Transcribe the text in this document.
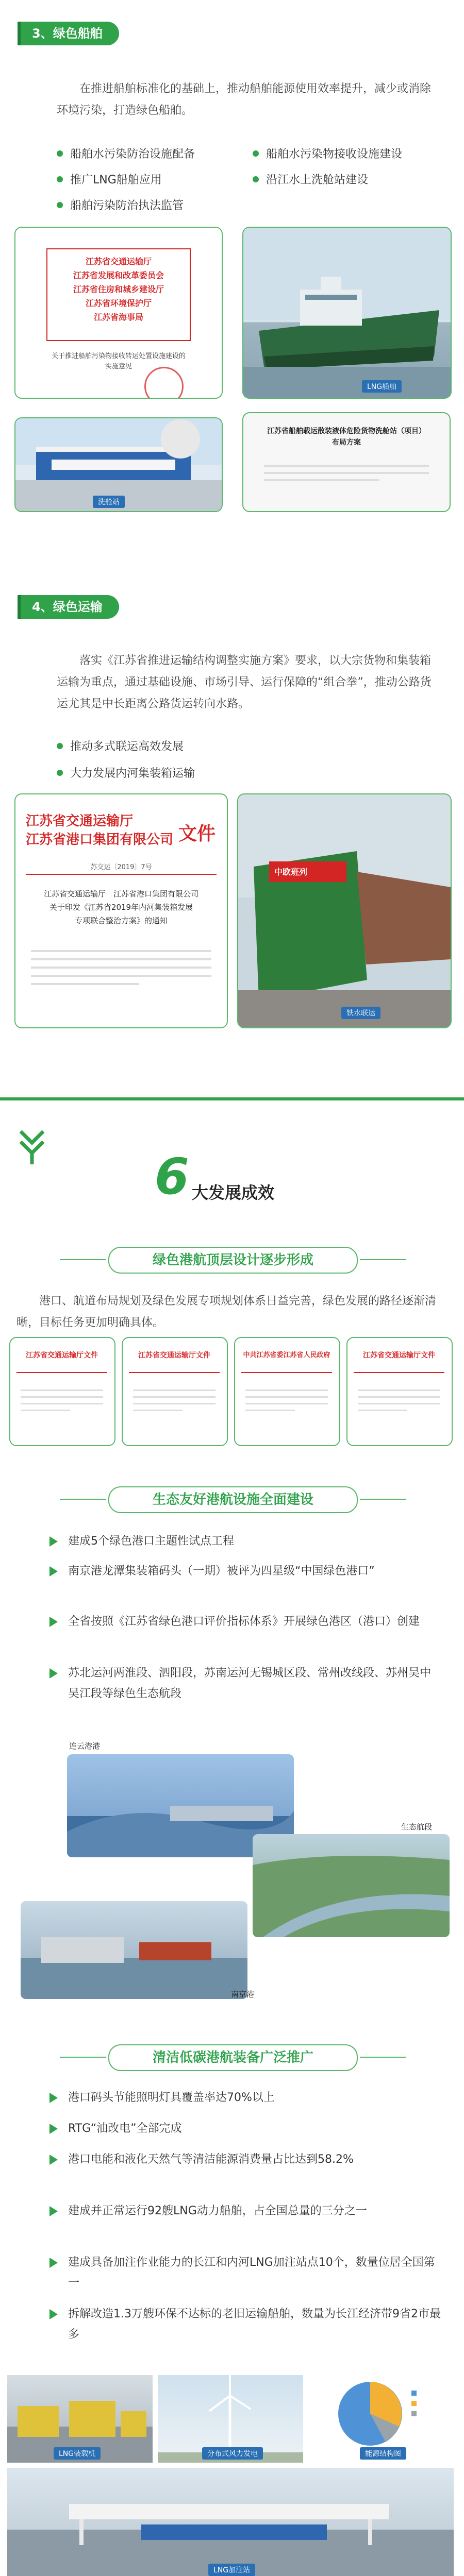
3、绿色船舶
在推进船舶标准化的基础上，推动船舶能源使用效率提升，减少或消除环境污染，打造绿色船舶。
船舶水污染防治设施配备	船舶水污染物接收设施建设
推广LNG船舶应用	沿江水上洗舱站建设
船舶污染防治执法监管
江苏省交通运输厅
江苏省发展和改革委员会
江苏省住房和城乡建设厅
江苏省环境保护厅
江苏省海事局
关于推进船舶污染物接收转运处置设施建设的实施意见
LNG船舶
洗舱站
江苏省船舶载运散装液体危险货物洗舱站（项目）布局方案
4、绿色运输
落实《江苏省推进运输结构调整实施方案》要求，以大宗货物和集装箱运输为重点，通过基础设施、市场引导、运行保障的“组合拳”，推动公路货运尤其是中长距离公路货运转向水路。
推动多式联运高效发展
大力发展内河集装箱运输
江苏省交通运输厅
江苏省港口集团有限公司 文件
苏交运〔2019〕7号
江苏省交通运输厅　江苏省港口集团有限公司
关于印发《江苏省2019年内河集装箱发展
专项联合整治方案》的通知
中欧班列
铁水联运
6 大发展成效
绿色港航顶层设计逐步形成
港口、航道布局规划及绿色发展专项规划体系日益完善，绿色发展的路径逐渐清晰，目标任务更加明确具体。
江苏省交通运输厅文件	江苏省交通运输厅文件	中共江苏省委江苏省人民政府	江苏省交通运输厅文件
生态友好港航设施全面建设
建成5个绿色港口主题性试点工程
南京港龙潭集装箱码头（一期）被评为四星级“中国绿色港口”
全省按照《江苏省绿色港口评价指标体系》开展绿色港区（港口）创建
苏北运河两淮段、泗阳段，苏南运河无锡城区段、常州改线段、苏州吴中吴江段等绿色生态航段
连云港港
生态航段
南京港
清洁低碳港航装备广泛推广
港口码头节能照明灯具覆盖率达70%以上
RTG“油改电”全部完成
港口电能和液化天然气等清洁能源消费量占比达到58.2%
建成并正常运行92艘LNG动力船舶，占全国总量的三分之一
建成具备加注作业能力的长江和内河LNG加注站点10个，数量位居全国第一
拆解改造1.3万艘环保不达标的老旧运输船舶，数量为长江经济带9省2市最多
LNG装载机	分布式风力发电	能源结构图
LNG加注站
